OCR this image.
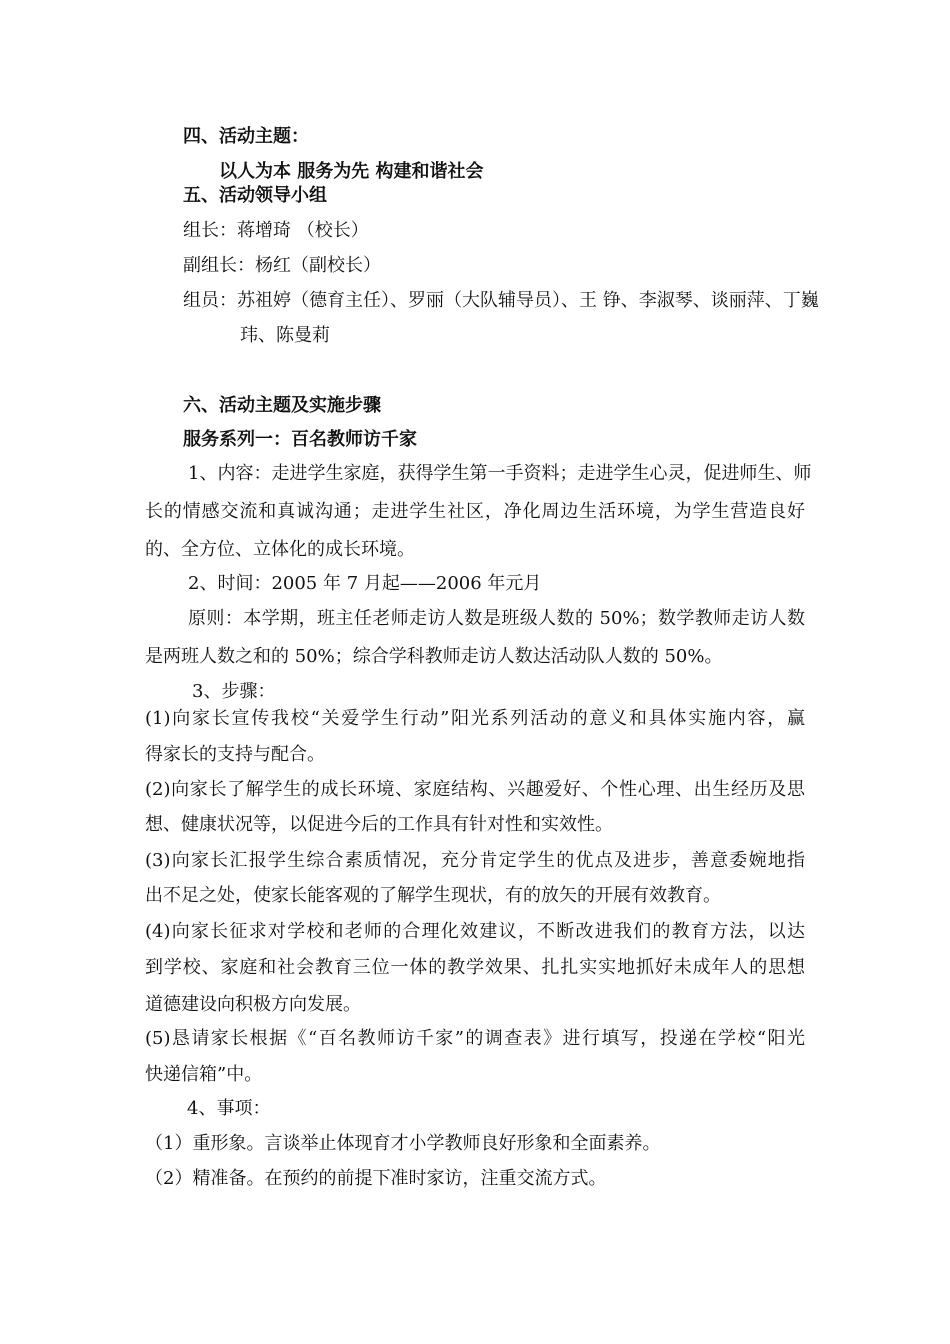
四、活动主题：
以人为本 服务为先 构建和谐社会
五、活动领导小组
组长：蒋增琦 （校长）
副组长：杨红（副校长）
组员：苏祖婷（德育主任）、罗丽（大队辅导员）、王 铮、李淑琴、谈丽萍、丁巍
玮、陈曼莉
六、活动主题及实施步骤
服务系列一：百名教师访千家
1、内容：走进学生家庭，获得学生第一手资料；走进学生心灵，促进师生、师
长的情感交流和真诚沟通；走进学生社区，净化周边生活环境，为学生营造良好
的、全方位、立体化的成长环境。
2、时间：2005 年 7 月起——2006 年元月
原则：本学期，班主任老师走访人数是班级人数的 50%；数学教师走访人数
是两班人数之和的 50%；综合学科教师走访人数达活动队人数的 50%。
3、步骤：
(1)向家长宣传我校“关爱学生行动”阳光系列活动的意义和具体实施内容，赢
得家长的支持与配合。
(2)向家长了解学生的成长环境、家庭结构、兴趣爱好、个性心理、出生经历及思
想、健康状况等，以促进今后的工作具有针对性和实效性。
(3)向家长汇报学生综合素质情况，充分肯定学生的优点及进步，善意委婉地指
出不足之处，使家长能客观的了解学生现状，有的放矢的开展有效教育。
(4)向家长征求对学校和老师的合理化效建议，不断改进我们的教育方法，以达
到学校、家庭和社会教育三位一体的教学效果、扎扎实实地抓好未成年人的思想
道德建设向积极方向发展。
(5)恳请家长根据《“百名教师访千家”的调查表》进行填写，投递在学校“阳光
快递信箱”中。
4、事项：
（1）重形象。言谈举止体现育才小学教师良好形象和全面素养。
（2）精准备。在预约的前提下准时家访，注重交流方式。
